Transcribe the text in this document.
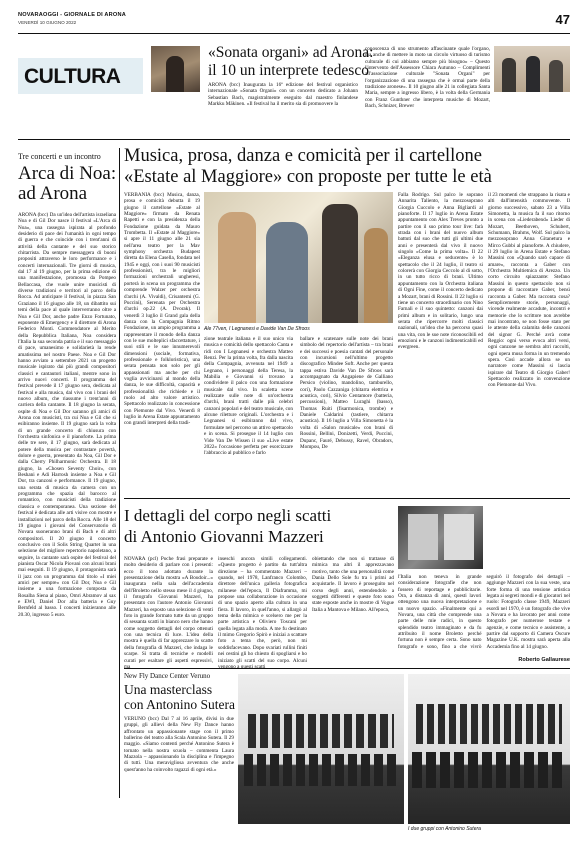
NOVARAOGGI - GIORNALE DI ARONA
VENERDÌ 10 GIUGNO 2022	47
CULTURA
«Sonata organi» ad Arona:
il 10 un interprete tedesco
ARONA (bcc) Inaugurata la 16ª edizione del festival organistico internazionale «Sonata Organi» con un concerto dedicato a Johann Sebastian Bach, magistralmente eseguito dal maestro finlandese Markku Mäkinen. «Il festival ha il merito sia di promuovere la
conoscenza di uno strumento affascinante quale l'organo, ma anche di mettere in moto un circolo virtuoso di turismo culturale di cui abbiamo sempre più bisogno» – Questo l'intervento dell'Assessore Chiara Autunno – Complimenti all'associazione culturale "Sonata Organi" per l'organizzazione di una rassegna che è ormai parte della tradizione aronese». Il 10 giugno alle 21 in collegiata Santa Maria, sempre a ingresso libero, è la volta della Germania con Franz Gunthner che interpreta musiche di Mozart, Bach, Schnizer, Brewer
Tre concerti e un incontro
Arca di Noa: ad Arona
ARONA (bcc) Da un'idea dell'artista israeliana Noa e di Gil Dor nasce il festival «L'Arca di Noa», una rassegna ispirata al profondo desiderio di pace dei l'umanità in ogni tempo di guerra e che coincide con i trent'anni di attività della cantante e del suo storico chitarrista. Da sempre messaggera di buoni propositi attraverso le loro performance e i concerti internazionali. Tre giorni di musica, dal 17 al 19 giugno, per la prima edizione di una manifestazione, promossa da Pompeo Bellaccasa, che vuole unire musicisti di diverse tradizioni e territori al parco della Rocca. Ad anticipare il festival, in piazza San Graziano il 16 giugno alle 18, un dibattito sui temi della pace al quale interverranno oltre a Noa e Gil Dor, anche padre Enzo Fortunato, esponente di Emergency e il direttore di Arona Federico Monti. Commendatore al Merito della Repubblica Italiana, Noa considera l'Italia la sua seconda patria e il suo messaggio di pace, umanesimo e solidarietà la rende amatissima nel nostro Paese. Noa e Gil Dor hanno avviato a settembre 2021 un progetto musicale ispirato dai più grandi compositori classici e cantautori italiani, mentre sono in arrivo nuovi concerti. Il programma del festival prevede il 17 giugno sera, dedicata al festival e alla musica, dal vivo con i brani del nuovo album, che riassume i trent'anni di carriera della cantante. Il 18 giugno la serata, ospite di Noa e Gil Dor saranno gli amici di Arona con musicisti, tra cui Noa e Gil che si esibiranno insieme. Il 19 giugno sarà la volta di un grande concerto di chiusura con l'orchestra sinfonica e il pianoforte. La prima delle tre sere, il 17 giugno, sarà dedicata al potere della musica per contrastare povertà, dolore e guerra, presentato da Noa, Gil Dor e dalla Cherry Philharmonic Orchestra. Il 18 giugno, la «Chosen Seventy Choir», con Beshani e Adi Harrosh insieme a Noa e Gil Dor, tra canzoni e performance. Il 19 giugno, una serata di musica da camera con un programma che spazia dal barocco al romantico, con musicisti della tradizione classica e contemporanea. Una sezione del festival è dedicata alle arti visive con mostre e installazioni nel parco della Rocca. Alle 18 del 19 giugno i giovani del Conservatorio di Novara suoneranno brani di Bach e di altri compositori. Il 20 giugno il concerto conclusivo con il Solis String Quartet in una selezione del migliore repertorio napoletano, a seguire, la cantante sarà ospite del festival del pianista Oscar Nicola Piovani con alcuni brani mai eseguiti. Il 19 giugno, il protagonista sarà il jazz con un programma dal titolo «I miei amici per sempre» con Gil Dor, Noa e Gil insieme a una formazione composta da Rosalba Siena al piano, Omri Abramov al sax e EWI, Daniel Dor alla batteria e Guy Bernfeld al basso. I concerti inizieranno alle 20.30, ingresso 5 euro.
Musica, prosa, danza e comicità per il cartellone
«Estate al Maggiore» con proposte per tutte le età
VERBANIA (bcc) Musica, danza, prosa e comicità debutta il 19 giugno il cartellone «Estate al Maggiore» firmato da Renata Rapetti e con la presidenza della Fondazione guidata da Mauro Trombetta. Il «Estate al Maggiore» si apre il 11 giugno alle 21 sia nell'area teatro per la Mav symphony orchestra Budapest diretta da Elena Casella, fondata nel 1945 e oggi, con i suoi 90 musicisti professionisti, tra le migliori formazioni orchestrali ungheresi, porterà in scena un programma che comprende Walzer per orchestra d'archi (A. Vivaldi), Crisantemi (G. Puccini), Serenata per Orchestra d'archi op.22 (A. Dvorak). Il venerdì 3 luglio il Grand gala della danza con la Compagnia Ritmo Fondazione, un ampio programma a rappresentare il mondo della danza con le sue molteplici sfaccettature, i suoi stili e le sue innumerevoli dimensioni (sociale, formativa, professionale e folkloristica), una serata pensata non solo per gli appassionati ma anche per chi voglia avvicinarsi al mondo della danza, le sue difficoltà, capacità e professionalità che richiede e il ruolo ad alto valore artistico. Spettacolo realizzato in concessione con Piemonte dal Vivo. Venerdì 8 luglio in Arena Estate appuntamento con grandi interpreti della tradi-
Ale 77ven, I Legnanesi e Davide Van De Sfroos
zione teatrale italiana e il suo unico via musica e comicità dello spettacolo Canta e ridi con I Legnanesi e orchestra Matteo Renzi. Per la prima volta, fra dalla nascita della Compagnia, avvenuta nel 1949 a Legnano, i personaggi della Teresa, la Mabilia e Giovanni si trovano a condividere il palco con una formazione musicale dal vivo. In scaletta scene realizzate sulle note di un'orchestra d'archi, brani tratti dalle più celebri canzoni popolari e del teatro musicale, con alcune riletture originali. L'orchestra e i Legnanesi si esibiranno dal vivo, formulate nel percorso un attivo spettacolo e in scena. Si prosegue il 14 luglio con Vide Van De Wissen il suo «Live estate 2022» l'occasione perfetta per esorcizzare l'abbraccio al pubblico e farlo
ballare e scatenare sulle note dei brani simbolo del repertorio dell'artista – tra brani e dei successi e poesia cantati del personale con incursioni nell'ultimo progetto discografico Mindee Soft. Anche per questa tappa estiva Davide Van De Sfroos sarà accompagnato da Angapiene de Galliano Persico (violino, mandolino, tamburello, cori), Paolo Cazzaniga (chitarra elettrica e acustica, cori), Silvio Centamore (batteria, percussioni), Matteo Luraghi (basso), Thomas Ruiti (fisarmonica, trombe) e Daniele Caldarini (tastiere, chitarra acustica). Il 16 luglio a Villa Simonetta è la volta di «Salon musicale» con brani di Rossini, Bellini, Donizetti, Verdi, Puccini, Dupanc, Fauré, Debussy, Ravel, Obradors, Mompou, De
Falla Rodrigo. Sul palco le soprano Annarita Taliento, la mezzosoprano Giorgia Cuccolo e Anna Bigliardi al pianoforte. Il 17 luglio in Arena Estate appuntamento con Alex Treves pronto a partire con il suo primo tour live: farà strada con i brani del nuovo album battuti dal suo che tutti gli ultimi due anni e presenterà dal vivo il nuovo singolo «Come la prima volta». Il 22 «Eleganza elusa e seducente» è lo spettacolo che il 24 luglio, il teatro si colorerà con Giorgia Ceccolo al di sotto, in un tutto ricco di brani. Ultimo appuntamento con la Orchestra italiana di Ogni Fine, come il concerto dedicato a Mozart, brani di Rossini. Il 22 luglio si tiene un concerto straordinario con Nino Farnali e il suo quintetto: canzoni dai primi album e in solitario, lungo una serata che ripercorre molti classici nazionali, un'idea che ha percorso quasi una vita, con le sue note riconoscibili ed emozioni e le canzoni indimenticabili ed evergreen.
il 23 momenti che strappano la risata e alti dall'intensità commovente. Il giorno successivo, sabato 23 a Villa Simonetta, la musica fa il suo ritorno in scena con «Liederabend» Lieder di Mozart, Beethoven, Schubert, Schumann, Brahms, Wolf. Sul palco la mezzosoprano Anna Gitanetura e Mirco Gubbi al pianoforte. A chiudere, il 29 luglio in Arena Estate e Stefano Massini con «Quando sarò capace di amare», racconta a Gaber con l'Orchestra Multietnica di Arezzo. Un corto circuito spiazzante: Stefano Massini in questo spettacolo non si propone di raccontare Gaber, bensì racconta a Gaber. Ma racconta cosa? Semplicemente storie, personaggi, vicende realmente accadute, incontri e memorie che lo scrittore non avrebbe mai incontrato, se non fosse stato per le attente della calamita delle canzoni del signor G. Perché avrà come Reggio: ogni verso evoca altri versi, ogni canzone ne sembra altri raccolti, ogni opera musa forma in un tremendo spera. Così accade allora se un narratore come Massini si lascia ispirare dal Teatro di Giorgio Gaber! Spettacolo realizzato in convenzione con Piemonte dal Vivo.
I dettagli del corpo negli scatti
di Antonio Giovanni Mazzeri
NOVARA (pcl) Poche frasi preparate e molto desiderio di parlare con i presenti: ecco il tono adottato durante la presentazione della mostra «A Boudoir...» inaugurata nella sala dell'accademia dell'Broletto nello stesso mese il 4 giugno, il fotografo Giovanni Mazzeri, ha presentato con l'autore Antonio Giovanni Mazzeri, ha esposto una selezione di venti foto in grande formato tutte da un gruppo di sessanta scatti in bianco nero che hanno come soggetto dettagli del corpo ottenuti con una tecnica di luce. L'idea della mostra è quella di far apprezzare lo scatto della fotografia di Mazzeri, che indaga le scarpe. Si tratta di tecniche e modelli curati per esaltare gli aspetti espressivi, ma
inseschi ancora simili collegamenti. «Questo progetto è partito da tutt'altra direzione – ha commentato Mazzeri – quando, nel 1978, Lanfranco Colombo, direttore dell'unica galleria fotografica milanese dell'epoca, Il Diaframma, mi propose una collaborazione in occasione di uno spazio aperto alla cultura in una fiera. Il lavoro, in quell'anno, si allargò al tema della mimica e scelsero me per la parte artistica e Oliviero Toscani per quella legata alla moda. A me fu destinato il mimo Gregorio Spirò e iniziai a scattare foto a tema che, però, non mi soddisfacevano. Dopo svariati rullini finiti nei cestini gli ho chiesto di spogliarsi e ho iniziato gli scatti del suo corpo. Alcuni vengono a questi scatti
obiettando che non si trattasse di mimica ma altri il apprezzavano motivo, tanto che una personalità come Dania Dello Sole fu tra i primi ad acquistarle. Il lavoro è proseguito nel corso degli anni, estendendolo a soggetti differenti e queste foto sono state esposte anche in mostre di Vogue Italia a Mantova e Milano. All'epoca,
l'Italia non teneva in grande considerazione fotografie che non fossero di reportage e pubblicitarie. Ora, a distanza di anni, questi lavori ottengono una nuova interpretazione e un nuovo spazio. «Finalmente qui a Novara, una città che comprende una parte delle mie radici, in questo splendido teatro immaginato e da fu attribuito il nome Broletto perché fortuna non è sempre certa. Sono nato fotografo e sono, fino a che vivrò seguirò il fotografo dei dettagli – aggiunge Mazzeri con la sua veste, una forte forma di una tensione artistica legata ai segreti mondi e di giocatori nel ruolo: Fotografo classe 1949, Mazzeri esordì nel 1970, è un fotografo che vive a Novara e ha lavorato per anni come fotografo per numerose testate e agenzie, e come tecnico e assistente, a partire dal supporto di Camera Oscure Magazine U.K. mostra sarà aperta alla Accademia fino al 14 giugno.
Roberto Gallaurese
New Fly Dance Center Veruno
Una masterclass
con Antonino Sutera
VERUNO (bcc) Dal 7 al 16 aprile, divisi in due gruppi, gli allievi della New Fly Dance hanno affrontato un appassionante stage con il primo ballerino del teatro alla Scala Antonino Sutera. Il 29 maggio. «Siamo contenti perché Antonino Sutera è tornato nella nostra scuola – commenta Laura Mazzola – appassionando la disciplina e l'impegno di tutti. Una meravigliosa avventura che anche quest'anno ha coinvolto ragazzi di ogni età.»
I due gruppi con Antonino Sutera
